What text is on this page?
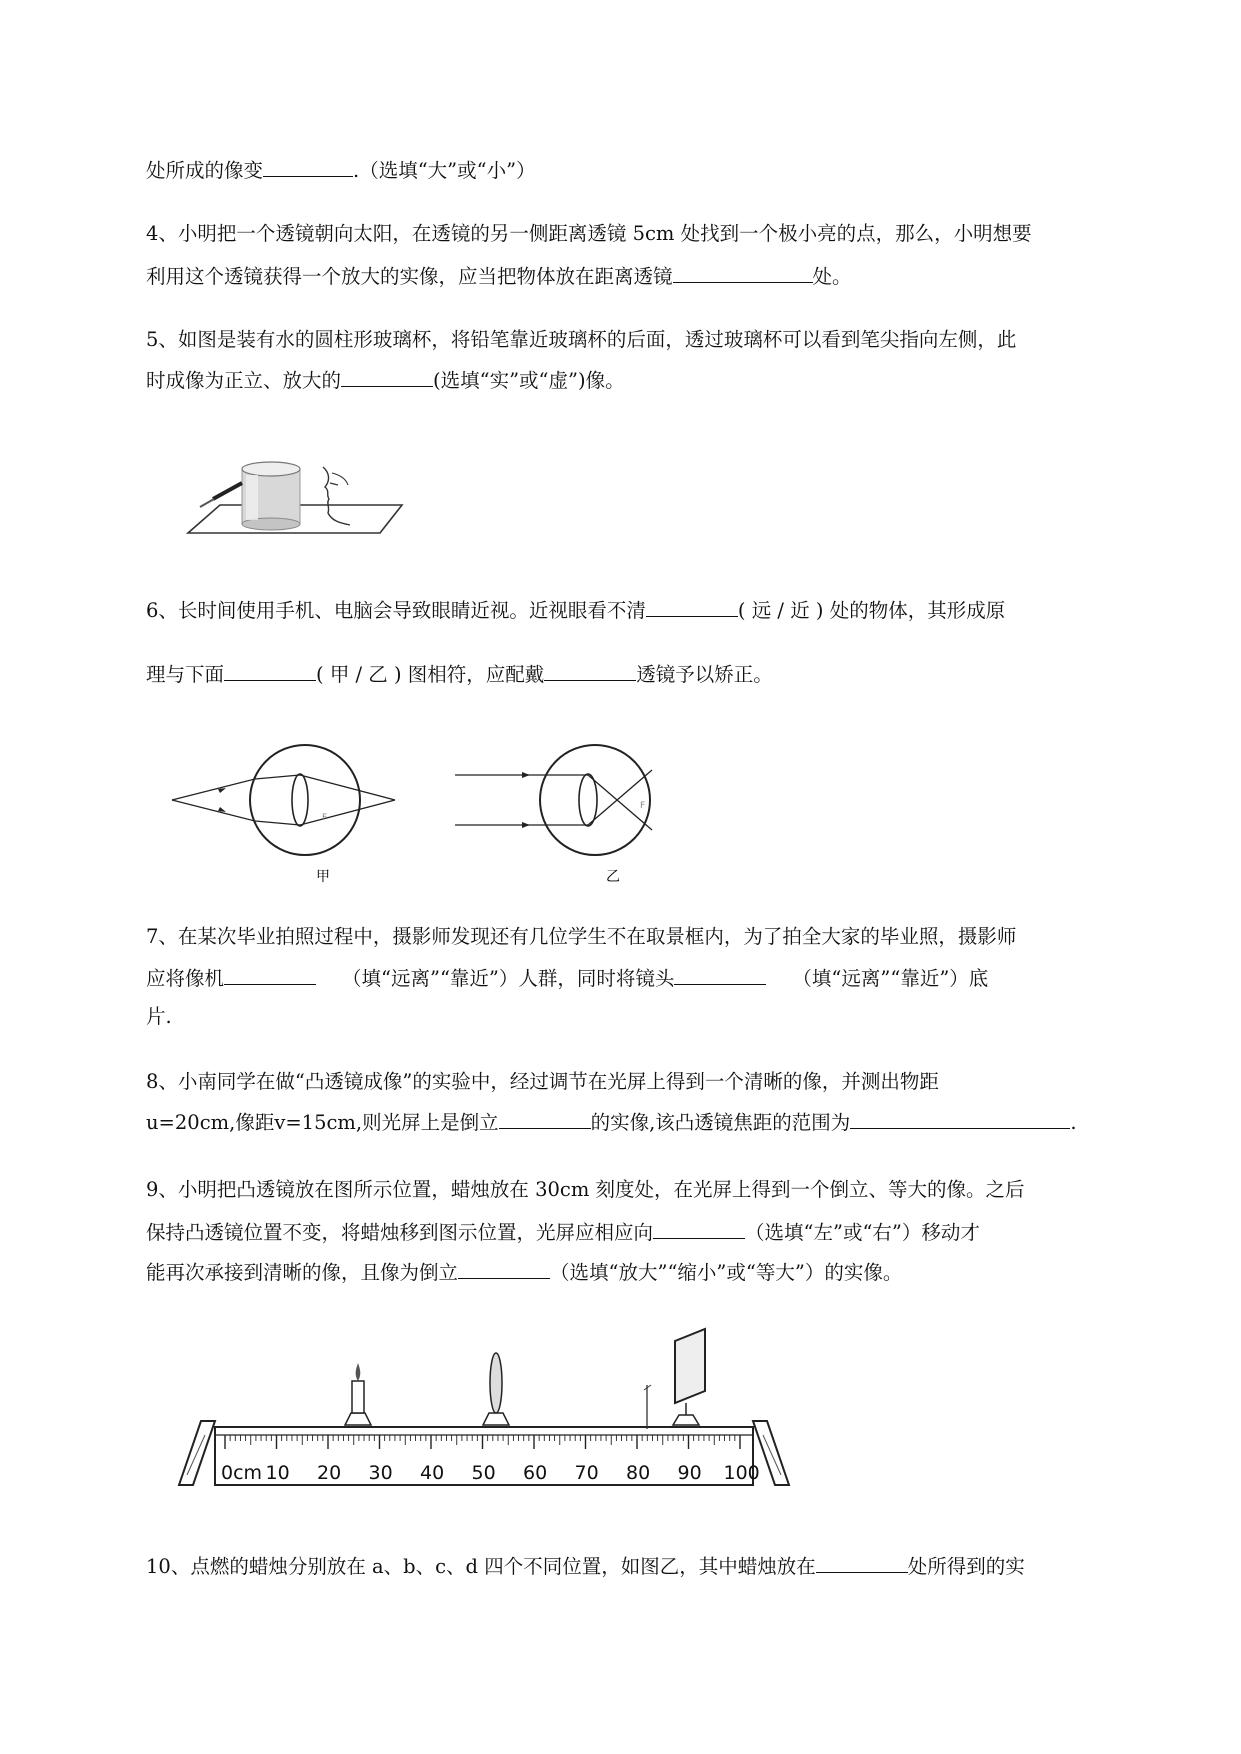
处所成的像变	.（选填“大”或“小”）
4、小明把一个透镜朝向太阳，在透镜的另一侧距离透镜 5cm 处找到一个极小亮的点，那么，小明想要
利用这个透镜获得一个放大的实像，应当把物体放在距离透镜	处。
5、如图是装有水的圆柱形玻璃杯，将铅笔靠近玻璃杯的后面，透过玻璃杯可以看到笔尖指向左侧，此
时成像为正立、放大的	(选填“实”或“虚”)像。
6、长时间使用手机、电脑会导致眼睛近视。近视眼看不清	( 远 / 近 ) 处的物体，其形成原
理与下面	( 甲 / 乙 ) 图相符，应配戴	透镜予以矫正。
F
甲
F
乙
7、在某次毕业拍照过程中，摄影师发现还有几位学生不在取景框内，为了拍全大家的毕业照，摄影师
应将像机	（填“远离”“靠近”）人群，同时将镜头	（填“远离”“靠近”）底
片.
8、小南同学在做“凸透镜成像”的实验中，经过调节在光屏上得到一个清晰的像，并测出物距
u=20cm,像距v=15cm,则光屏上是倒立	的实像,该凸透镜焦距的范围为	.
9、小明把凸透镜放在图所示位置，蜡烛放在 30cm 刻度处，在光屏上得到一个倒立、等大的像。之后
保持凸透镜位置不变，将蜡烛移到图示位置，光屏应相应向	（选填“左”或“右”）移动才
能再次承接到清晰的像，且像为倒立	（选填“放大”“缩小”或“等大”）的实像。
0cm 10 20 30 40 50 60 70 80 90 100
10、点燃的蜡烛分别放在 a、b、c、d 四个不同位置，如图乙，其中蜡烛放在	处所得到的实
